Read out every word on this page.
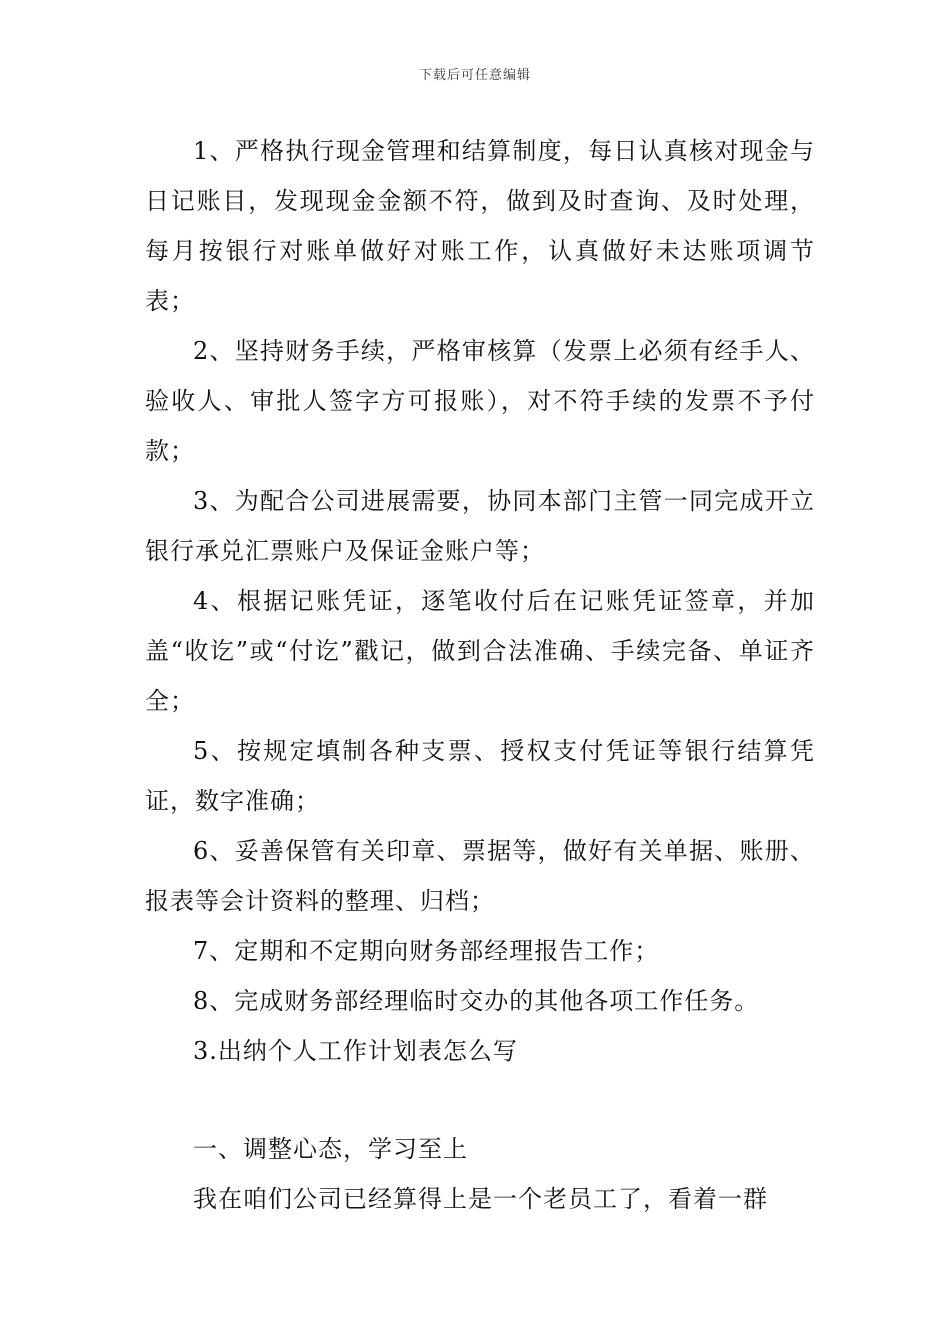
下载后可任意编辑

1、严格执行现金管理和结算制度，每日认真核对现金与日记账目，发现现金金额不符，做到及时查询、及时处理，每月按银行对账单做好对账工作，认真做好未达账项调节表；

2、坚持财务手续，严格审核算（发票上必须有经手人、验收人、审批人签字方可报账），对不符手续的发票不予付款；

3、为配合公司进展需要，协同本部门主管一同完成开立银行承兑汇票账户及保证金账户等；

4、根据记账凭证，逐笔收付后在记账凭证签章，并加盖“收讫”或“付讫”戳记，做到合法准确、手续完备、单证齐全；

5、按规定填制各种支票、授权支付凭证等银行结算凭证，数字准确；

6、妥善保管有关印章、票据等，做好有关单据、账册、报表等会计资料的整理、归档；

7、定期和不定期向财务部经理报告工作；

8、完成财务部经理临时交办的其他各项工作任务。

3.出纳个人工作计划表怎么写

一、调整心态，学习至上

我在咱们公司已经算得上是一个老员工了，看着一群
